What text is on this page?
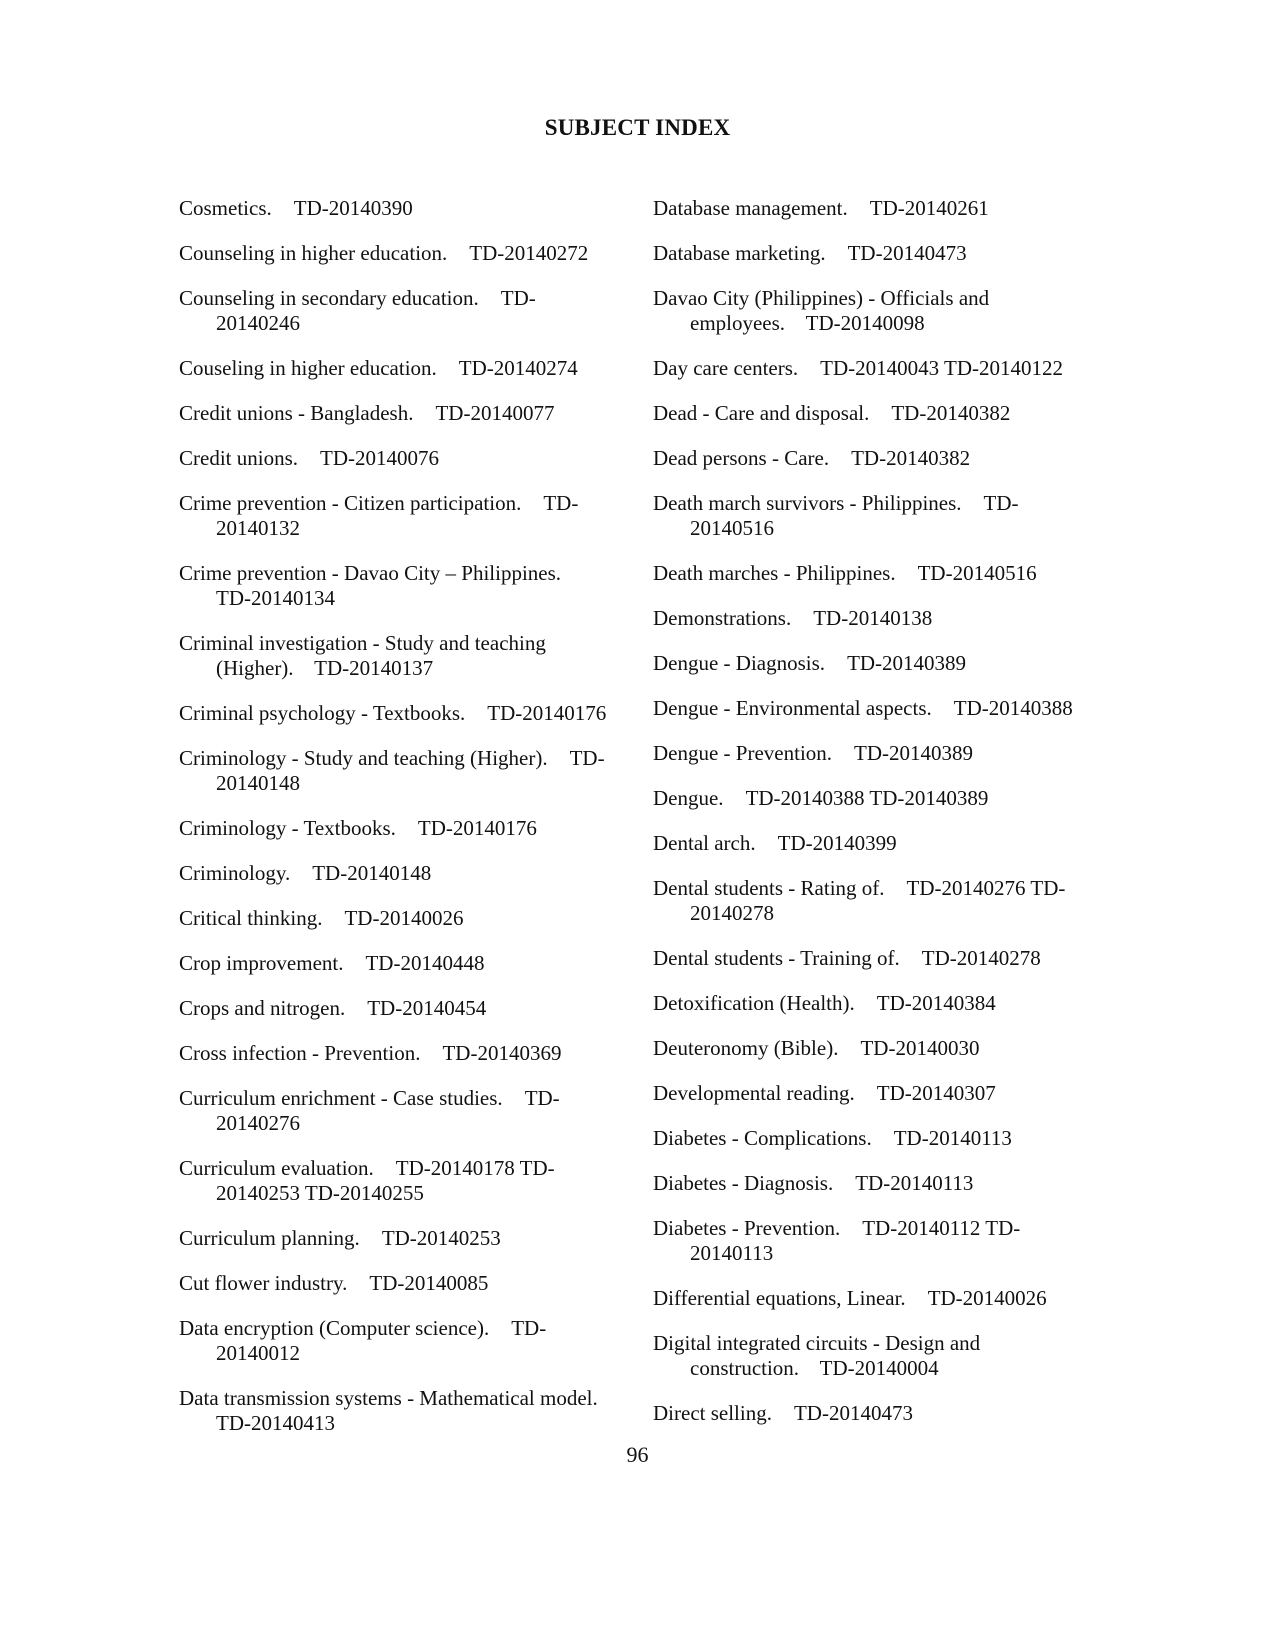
SUBJECT INDEX
Cosmetics. TD-20140390
Counseling in higher education. TD-20140272
Counseling in secondary education. TD-
20140246
Couseling in higher education. TD-20140274
Credit unions - Bangladesh. TD-20140077
Credit unions. TD-20140076
Crime prevention - Citizen participation. TD-
20140132
Crime prevention - Davao City – Philippines.
TD-20140134
Criminal investigation - Study and teaching
(Higher).    TD-20140137
Criminal psychology - Textbooks. TD-20140176
Criminology - Study and teaching (Higher). TD-
20140148
Criminology - Textbooks. TD-20140176
Criminology. TD-20140148
Critical thinking. TD-20140026
Crop improvement. TD-20140448
Crops and nitrogen. TD-20140454
Cross infection - Prevention. TD-20140369
Curriculum enrichment - Case studies. TD-
20140276
Curriculum evaluation. TD-20140178 TD-
20140253 TD-20140255
Curriculum planning. TD-20140253
Cut flower industry. TD-20140085
Data encryption (Computer science). TD-
20140012
Data transmission systems - Mathematical model.
TD-20140413
Database management. TD-20140261
Database marketing. TD-20140473
Davao City (Philippines) - Officials and
employees.    TD-20140098
Day care centers. TD-20140043 TD-20140122
Dead - Care and disposal. TD-20140382
Dead persons - Care. TD-20140382
Death march survivors - Philippines. TD-
20140516
Death marches - Philippines. TD-20140516
Demonstrations. TD-20140138
Dengue - Diagnosis. TD-20140389
Dengue - Environmental aspects. TD-20140388
Dengue - Prevention. TD-20140389
Dengue. TD-20140388 TD-20140389
Dental arch. TD-20140399
Dental students - Rating of. TD-20140276 TD-
20140278
Dental students - Training of. TD-20140278
Detoxification (Health). TD-20140384
Deuteronomy (Bible). TD-20140030
Developmental reading. TD-20140307
Diabetes - Complications. TD-20140113
Diabetes - Diagnosis. TD-20140113
Diabetes - Prevention. TD-20140112 TD-
20140113
Differential equations, Linear. TD-20140026
Digital integrated circuits - Design and
construction.    TD-20140004
Direct selling. TD-20140473
96
